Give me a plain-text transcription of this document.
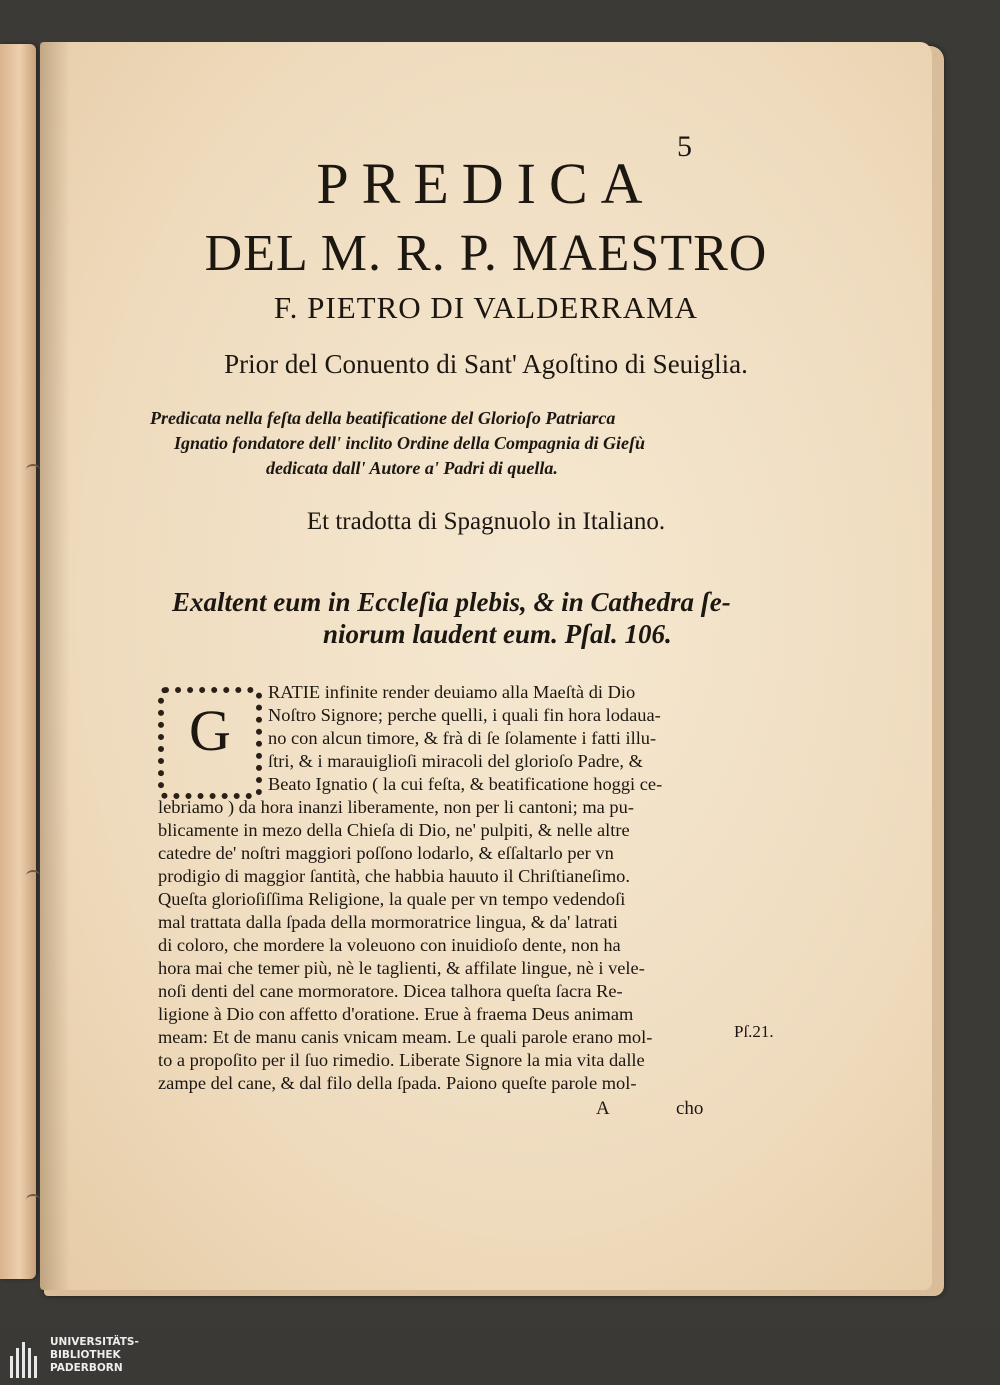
5
PREDICA
DEL M. R. P. MAESTRO
F. PIETRO DI VALDERRAMA
Prior del Conuento di Sant' Agoſtino di Seuiglia.
Predicata nella feſta della beatificatione del Glorioſo Patriarca
Ignatio fondatore dell' inclito Ordine della Compagnia di Gieſù
dedicata dall' Autore a' Padri di quella.
Et tradotta di Spagnuolo in Italiano.
Exaltent eum in Eccleſia plebis, & in Cathedra ſe-
niorum laudent eum. Pſal. 106.
G
RATIE infinite render deuiamo alla Maeſtà di Dio
Noſtro Signore; perche quelli, i quali fin hora lodaua-
no con alcun timore, & frà di ſe ſolamente i fatti illu-
ſtri, & i marauiglioſi miracoli del glorioſo Padre, &
Beato Ignatio ( la cui feſta, & beatificatione hoggi ce-
lebriamo ) da hora inanzi liberamente, non per li cantoni; ma pu-
blicamente in mezo della Chieſa di Dio, ne' pulpiti, & nelle altre
catedre de' noſtri maggiori poſſono lodarlo, & eſſaltarlo per vn
prodigio di maggior ſantità, che habbia hauuto il Chriſtianeſimo.
Queſta glorioſiſſima Religione, la quale per vn tempo vedendoſi
mal trattata dalla ſpada della mormoratrice lingua, & da' latrati
di coloro, che mordere la voleuono con inuidioſo dente, non ha
hora mai che temer più, nè le taglienti, & affilate lingue, nè i vele-
noſi denti del cane mormoratore. Dicea talhora queſta ſacra Re-
ligione à Dio con affetto d'oratione. Erue à fraema Deus animam
meam: Et de manu canis vnicam meam. Le quali parole erano mol-
to a propoſito per il ſuo rimedio. Liberate Signore la mia vita dalle
zampe del cane, & dal filo della ſpada. Paiono queſte parole mol-
Pſ.21.
A	cho
UNIVERSITÄTS-
BIBLIOTHEK
PADERBORN
